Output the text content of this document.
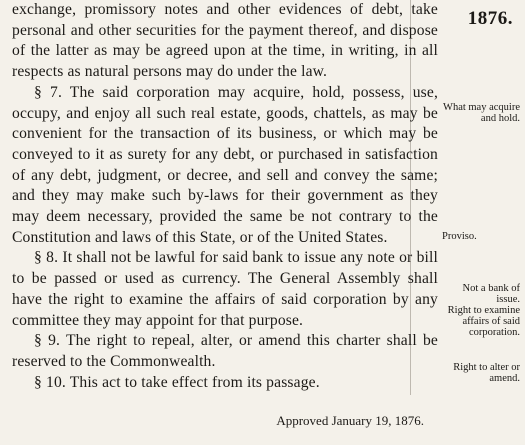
exchange, promissory notes and other evidences of debt, take personal and other securities for the payment thereof, and dispose of the latter as may be agreed upon at the time, in writing, in all respects as natural persons may do under the law.

§ 7. The said corporation may acquire, hold, possess, use, occupy, and enjoy all such real estate, goods, chattels, as may be convenient for the transaction of its business, or which may be conveyed to it as surety for any debt, or purchased in satisfaction of any debt, judgment, or decree, and sell and convey the same; and they may make such by-laws for their government as they may deem necessary, provided the same be not contrary to the Constitution and laws of this State, or of the United States.

§ 8. It shall not be lawful for said bank to issue any note or bill to be passed or used as currency. The General Assembly shall have the right to examine the affairs of said corporation by any committee they may appoint for that purpose.

§ 9. The right to repeal, alter, or amend this charter shall be reserved to the Commonwealth.

§ 10. This act to take effect from its passage.

Approved January 19, 1876.
1876.
What may acquire and hold.
Proviso.
Not a bank of issue.
Right to examine affairs of said corporation.
Right to alter or amend.
